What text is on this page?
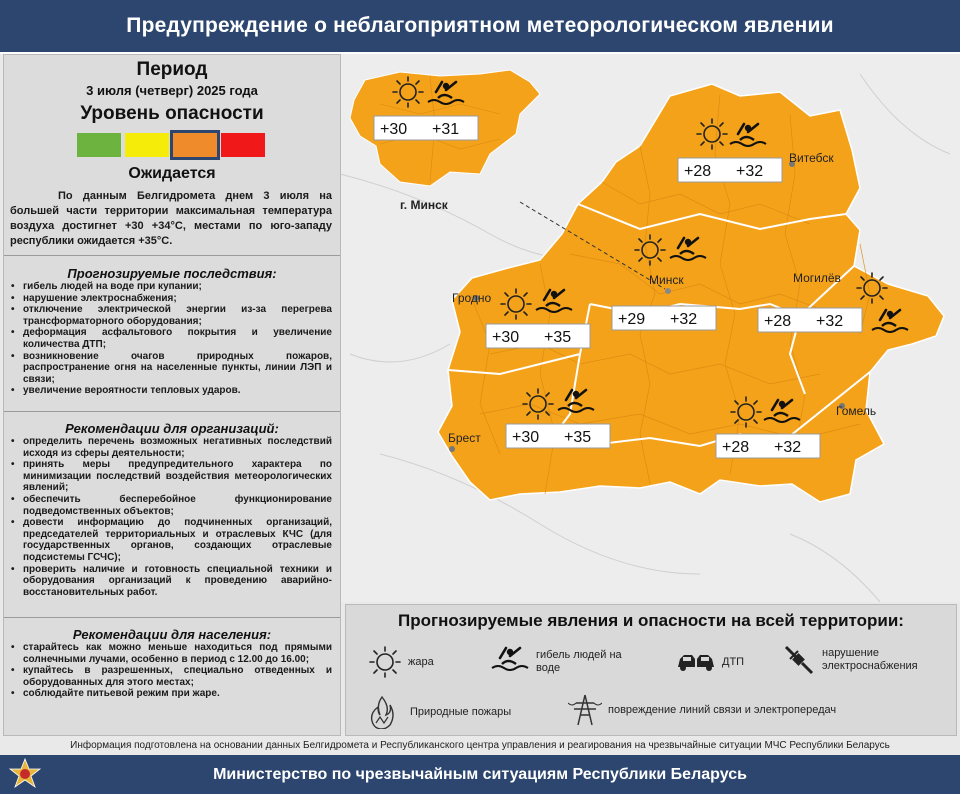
Предупреждение о неблагоприятном метеорологическом явлении
Витебск
Минск	Могилёв
Гродно
Гомель
Брест
г. Минск
+30 +31
+28 +32
+29 +32	+28 +32
+30 +35
+30 +35
+28 +32
Период
3 июля (четверг) 2025 года
Уровень опасности
Ожидается
По данным Белгидромета днем 3 июля на большей части территории максимальная температура воздуха достигнет +30 +34°С, местами по юго-западу республики ожидается +35°С.
Прогнозируемые последствия:
• гибель людей на воде при купании;
• нарушение электроснабжения;
• отключение электрической энергии из-за перегрева трансформаторного оборудования;
• деформация асфальтового покрытия и увеличение количества ДТП;
• возникновение очагов природных пожаров, распространение огня на населенные пункты, линии ЛЭП и связи;
• увеличение вероятности тепловых ударов.
Рекомендации для организаций:
• определить перечень возможных негативных последствий исходя из сферы деятельности;
• принять меры предупредительного характера по минимизации последствий воздействия метеорологических явлений;
• обеспечить бесперебойное функционирование подведомственных объектов;
• довести информацию до подчиненных организаций, председателей территориальных и отраслевых КЧС (для государственных органов, создающих отраслевые подсистемы ГСЧС);
• проверить наличие и готовность специальной техники и оборудования организаций к проведению аварийно-восстановительных работ.
Рекомендации для населения:
• старайтесь как можно меньше находиться под прямыми солнечными лучами, особенно в период с 12.00 до 16.00;
• купайтесь в разрешенных, специально отведенных и оборудованных для этого местах;
• соблюдайте питьевой режим при жаре.
Прогнозируемые явления и опасности на всей территории:
жара
гибель людей на воде
ДТП
нарушение электроснабжения
Природные пожары	повреждение линий связи и электропередач
Информация подготовлена на основании данных Белгидромета и Республиканского центра управления и реагирования на чрезвычайные ситуации МЧС Республики Беларусь
Министерство по чрезвычайным ситуациям Республики Беларусь
